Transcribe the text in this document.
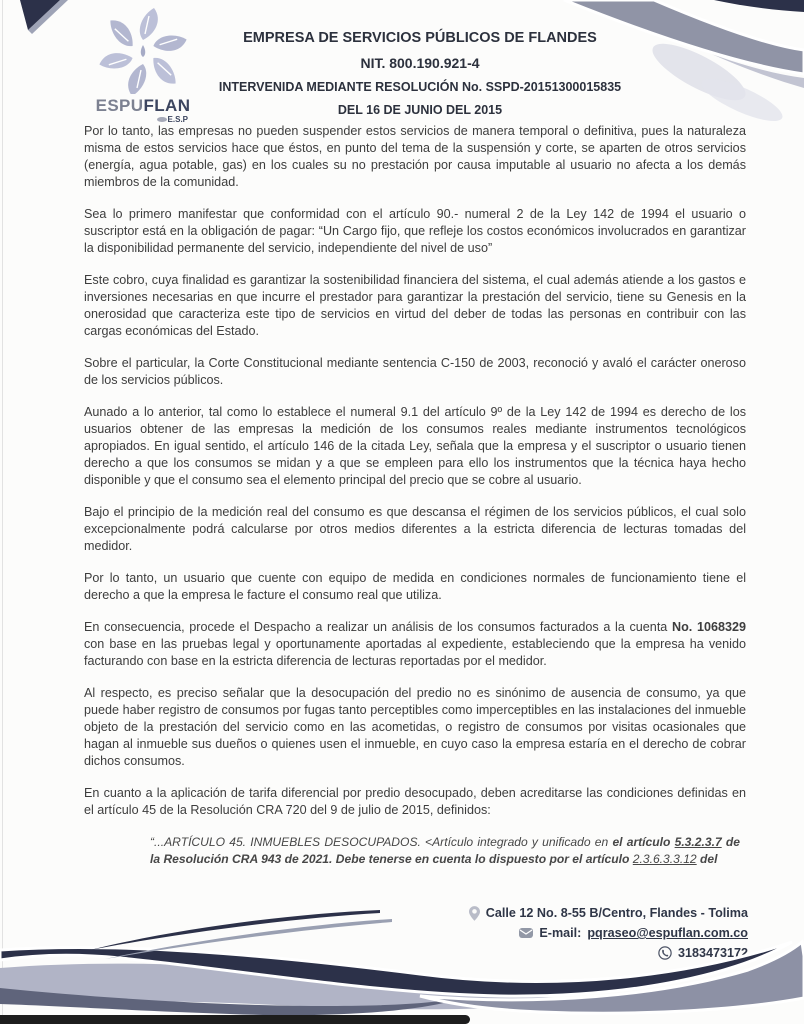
ESPUFLAN
E.S.P
EMPRESA DE SERVICIOS PÚBLICOS DE FLANDES
NIT. 800.190.921-4
INTERVENIDA MEDIANTE RESOLUCIÓN No. SSPD-20151300015835
DEL 16 DE JUNIO DEL 2015

Por lo tanto, las empresas no pueden suspender estos servicios de manera temporal o definitiva, pues la naturaleza misma de estos servicios hace que éstos, en punto del tema de la suspensión y corte, se aparten de otros servicios (energía, agua potable, gas) en los cuales su no prestación por causa imputable al usuario no afecta a los demás miembros de la comunidad.

Sea lo primero manifestar que conformidad con el artículo 90.- numeral 2 de la Ley 142 de 1994 el usuario o suscriptor está en la obligación de pagar: “Un Cargo fijo, que refleje los costos económicos involucrados en garantizar la disponibilidad permanente del servicio, independiente del nivel de uso”

Este cobro, cuya finalidad es garantizar la sostenibilidad financiera del sistema, el cual además atiende a los gastos e inversiones necesarias en que incurre el prestador para garantizar la prestación del servicio, tiene su Genesis en la onerosidad que caracteriza este tipo de servicios en virtud del deber de todas las personas en contribuir con las cargas económicas del Estado.

Sobre el particular, la Corte Constitucional mediante sentencia C-150 de 2003, reconoció y avaló el carácter oneroso de los servicios públicos.

Aunado a lo anterior, tal como lo establece el numeral 9.1 del artículo 9º de la Ley 142 de 1994 es derecho de los usuarios obtener de las empresas la medición de los consumos reales mediante instrumentos tecnológicos apropiados. En igual sentido, el artículo 146 de la citada Ley, señala que la empresa y el suscriptor o usuario tienen derecho a que los consumos se midan y a que se empleen para ello los instrumentos que la técnica haya hecho disponible y que el consumo sea el elemento principal del precio que se cobre al usuario.

Bajo el principio de la medición real del consumo es que descansa el régimen de los servicios públicos, el cual solo excepcionalmente podrá calcularse por otros medios diferentes a la estricta diferencia de lecturas tomadas del medidor.

Por lo tanto, un usuario que cuente con equipo de medida en condiciones normales de funcionamiento tiene el derecho a que la empresa le facture el consumo real que utiliza.

En consecuencia, procede el Despacho a realizar un análisis de los consumos facturados a la cuenta No. 1068329 con base en las pruebas legal y oportunamente aportadas al expediente, estableciendo que la empresa ha venido facturando con base en la estricta diferencia de lecturas reportadas por el medidor.

Al respecto, es preciso señalar que la desocupación del predio no es sinónimo de ausencia de consumo, ya que puede haber registro de consumos por fugas tanto perceptibles como imperceptibles en las instalaciones del inmueble objeto de la prestación del servicio como en las acometidas, o registro de consumos por visitas ocasionales que hagan al inmueble sus dueños o quienes usen el inmueble, en cuyo caso la empresa estaría en el derecho de cobrar dichos consumos.

En cuanto a la aplicación de tarifa diferencial por predio desocupado, deben acreditarse las condiciones definidas en el artículo 45 de la Resolución CRA 720 del 9 de julio de 2015, definidos:

“...ARTÍCULO 45. INMUEBLES DESOCUPADOS. <Artículo integrado y unificado en el artículo 5.3.2.3.7 de la Resolución CRA 943 de 2021. Debe tenerse en cuenta lo dispuesto por el artículo 2.3.6.3.3.12 del

Calle 12 No. 8-55 B/Centro, Flandes - Tolima
E-mail: pqraseo@espuflan.com.co
3183473172
